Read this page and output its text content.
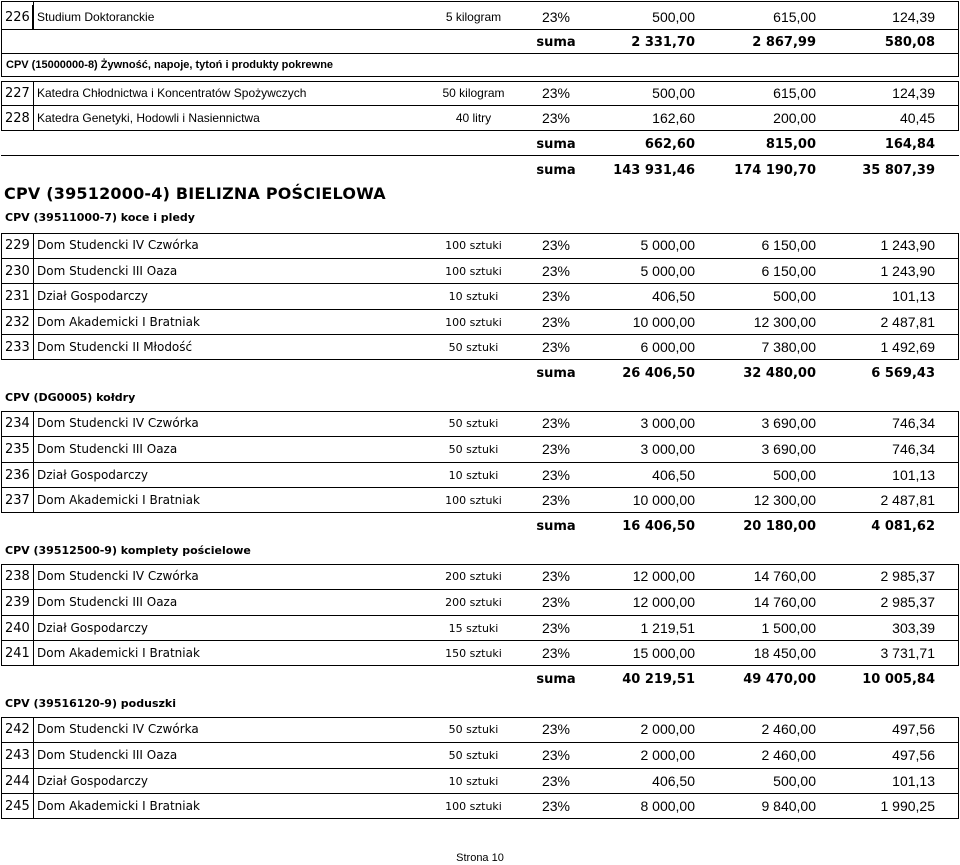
226 Studium Doktoranckie	5 kilogram	23%	500,00	615,00	124,39
suma	2 331,70	2 867,99	580,08
CPV (15000000-8) Żywność, napoje, tytoń i produkty pokrewne
227 Katedra Chłodnictwa i Koncentratów Spożywczych	50 kilogram	23%	500,00	615,00	124,39
228 Katedra Genetyki, Hodowli i Nasiennictwa	40 litry	23%	162,60	200,00	40,45
suma	662,60	815,00	164,84
suma	143 931,46	174 190,70	35 807,39
CPV (39512000-4) BIELIZNA POŚCIELOWA
CPV (39511000-7) koce i pledy
229 Dom Studencki IV Czwórka	100 sztuki	23%	5 000,00	6 150,00	1 243,90
230 Dom Studencki III Oaza	100 sztuki	23%	5 000,00	6 150,00	1 243,90
231 Dział Gospodarczy	10 sztuki	23%	406,50	500,00	101,13
232 Dom Akademicki I Bratniak	100 sztuki	23%	10 000,00	12 300,00	2 487,81
233 Dom Studencki II Młodość	50 sztuki	23%	6 000,00	7 380,00	1 492,69
suma	26 406,50	32 480,00	6 569,43
CPV (DG0005) kołdry
234 Dom Studencki IV Czwórka	50 sztuki	23%	3 000,00	3 690,00	746,34
235 Dom Studencki III Oaza	50 sztuki	23%	3 000,00	3 690,00	746,34
236 Dział Gospodarczy	10 sztuki	23%	406,50	500,00	101,13
237 Dom Akademicki I Bratniak	100 sztuki	23%	10 000,00	12 300,00	2 487,81
suma	16 406,50	20 180,00	4 081,62
CPV (39512500-9) komplety pościelowe
238 Dom Studencki IV Czwórka	200 sztuki	23%	12 000,00	14 760,00	2 985,37
239 Dom Studencki III Oaza	200 sztuki	23%	12 000,00	14 760,00	2 985,37
240 Dział Gospodarczy	15 sztuki	23%	1 219,51	1 500,00	303,39
241 Dom Akademicki I Bratniak	150 sztuki	23%	15 000,00	18 450,00	3 731,71
suma	40 219,51	49 470,00	10 005,84
CPV (39516120-9) poduszki
242 Dom Studencki IV Czwórka	50 sztuki	23%	2 000,00	2 460,00	497,56
243 Dom Studencki III Oaza	50 sztuki	23%	2 000,00	2 460,00	497,56
244 Dział Gospodarczy	10 sztuki	23%	406,50	500,00	101,13
245 Dom Akademicki I Bratniak	100 sztuki	23%	8 000,00	9 840,00	1 990,25
Strona 10
